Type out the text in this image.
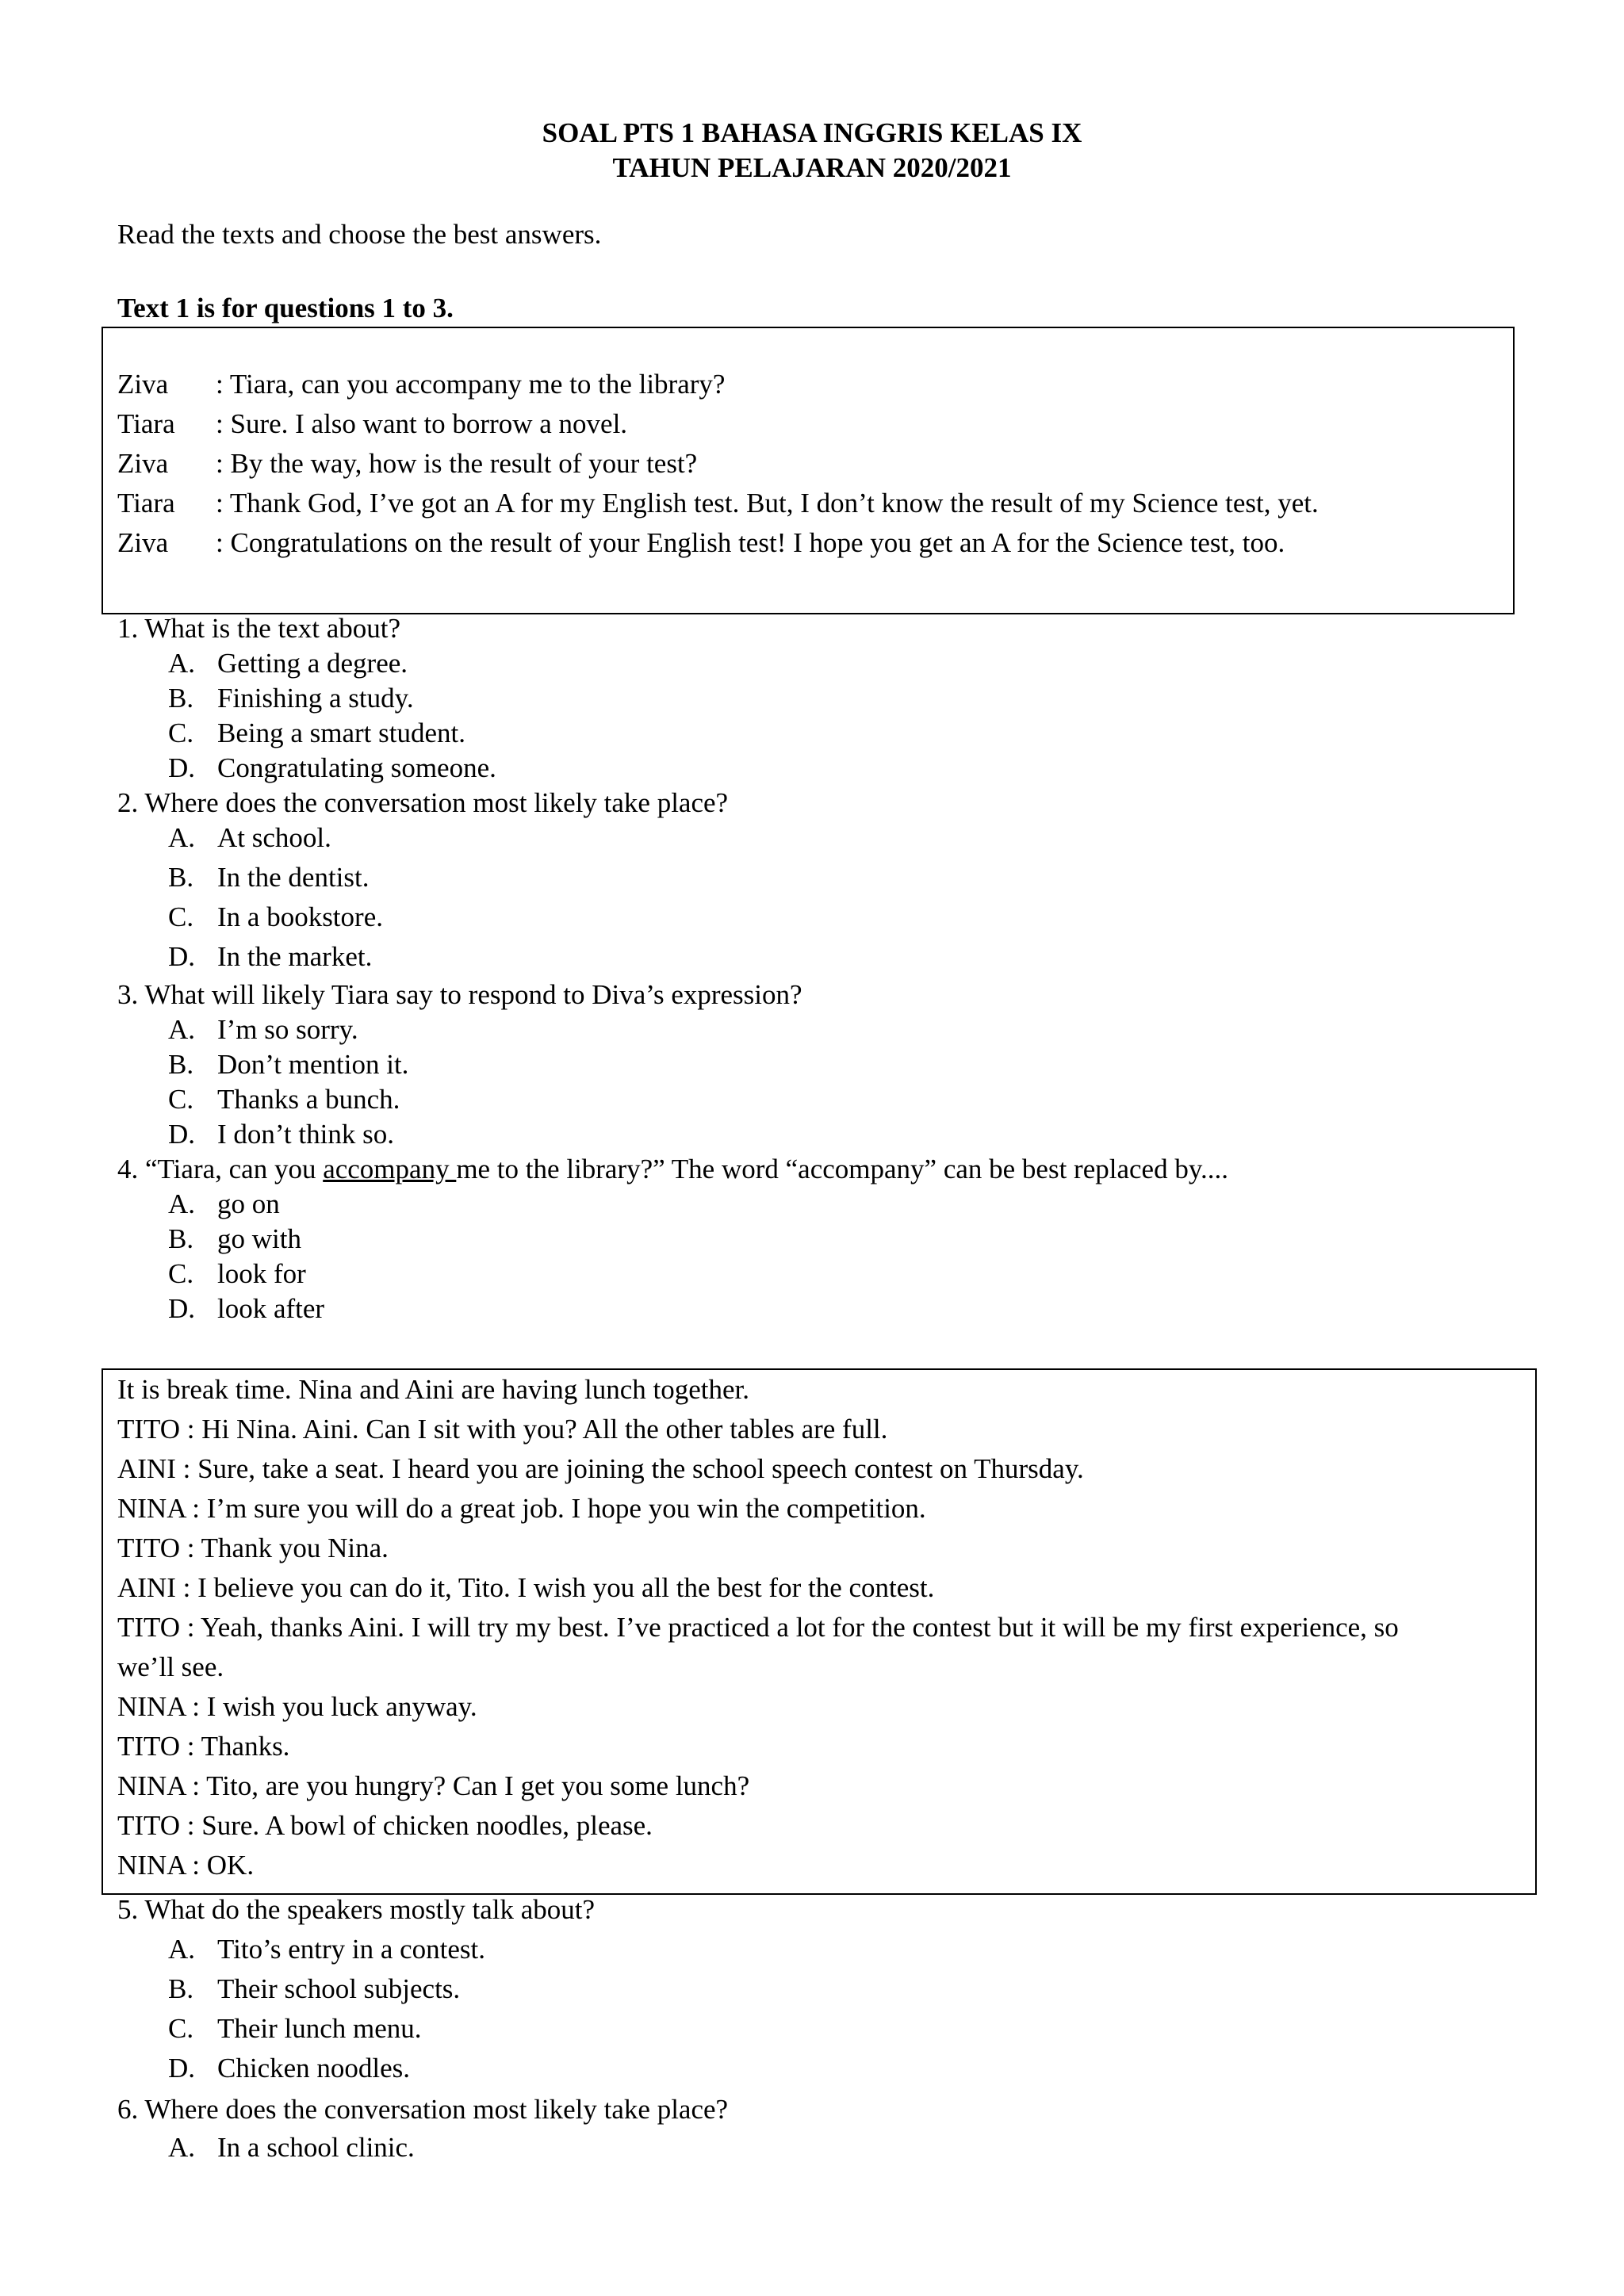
SOAL PTS 1 BAHASA INGGRIS KELAS IX
TAHUN PELAJARAN 2020/2021
Read the texts and choose the best answers.
Text 1 is for questions 1 to 3.
Ziva : Tiara, can you accompany me to the library?
Tiara : Sure. I also want to borrow a novel.
Ziva : By the way, how is the result of your test?
Tiara : Thank God, I’ve got an A for my English test. But, I don’t know the result of my Science test, yet.
Ziva : Congratulations on the result of your English test! I hope you get an A for the Science test, too.
1. What is the text about?
A. Getting a degree.
B. Finishing a study.
C. Being a smart student.
D. Congratulating someone.
2. Where does the conversation most likely take place?
A. At school.
B. In the dentist.
C. In a bookstore.
D. In the market.
3. What will likely Tiara say to respond to Diva’s expression?
A. I’m so sorry.
B. Don’t mention it.
C. Thanks a bunch.
D. I don’t think so.
4. “Tiara, can you accompany me to the library?” The word “accompany” can be best replaced by....
A. go on
B. go with
C. look for
D. look after
It is break time. Nina and Aini are having lunch together.
TITO : Hi Nina. Aini. Can I sit with you? All the other tables are full.
AINI : Sure, take a seat. I heard you are joining the school speech contest on Thursday.
NINA : I’m sure you will do a great job. I hope you win the competition.
TITO : Thank you Nina.
AINI : I believe you can do it, Tito. I wish you all the best for the contest.
TITO : Yeah, thanks Aini. I will try my best. I’ve practiced a lot for the contest but it will be my first experience, so
we’ll see.
NINA : I wish you luck anyway.
TITO : Thanks.
NINA : Tito, are you hungry? Can I get you some lunch?
TITO : Sure. A bowl of chicken noodles, please.
NINA : OK.
5. What do the speakers mostly talk about?
A. Tito’s entry in a contest.
B. Their school subjects.
C. Their lunch menu.
D. Chicken noodles.
6. Where does the conversation most likely take place?
A. In a school clinic.
